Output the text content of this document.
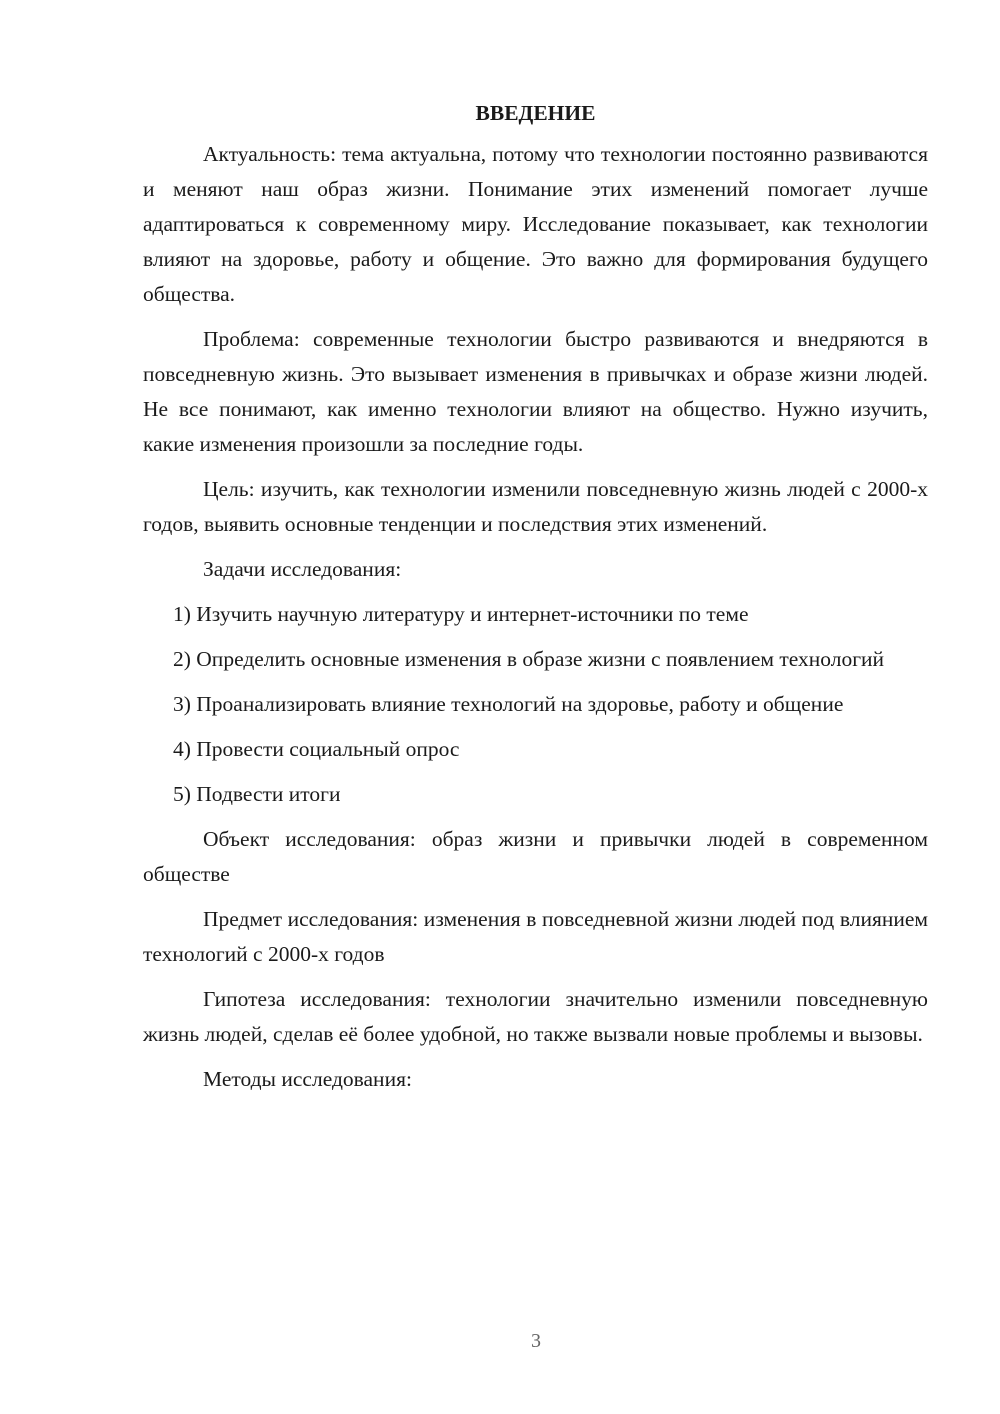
ВВЕДЕНИЕ

Актуальность: тема актуальна, потому что технологии постоянно развиваются и меняют наш образ жизни. Понимание этих изменений помогает лучше адаптироваться к современному миру. Исследование показывает, как технологии влияют на здоровье, работу и общение. Это важно для формирования будущего общества.

Проблема: современные технологии быстро развиваются и внедряются в повседневную жизнь. Это вызывает изменения в привычках и образе жизни людей. Не все понимают, как именно технологии влияют на общество. Нужно изучить, какие изменения произошли за последние годы.

Цель: изучить, как технологии изменили повседневную жизнь людей с 2000-х годов, выявить основные тенденции и последствия этих изменений.

Задачи исследования:

1) Изучить научную литературу и интернет-источники по теме

2) Определить основные изменения в образе жизни с появлением технологий

3) Проанализировать влияние технологий на здоровье, работу и общение

4) Провести социальный опрос

5) Подвести итоги

Объект исследования: образ жизни и привычки людей в современном обществе

Предмет исследования: изменения в повседневной жизни людей под влиянием технологий с 2000-х годов

Гипотеза исследования: технологии значительно изменили повседневную жизнь людей, сделав её более удобной, но также вызвали новые проблемы и вызовы.

Методы исследования:

3
